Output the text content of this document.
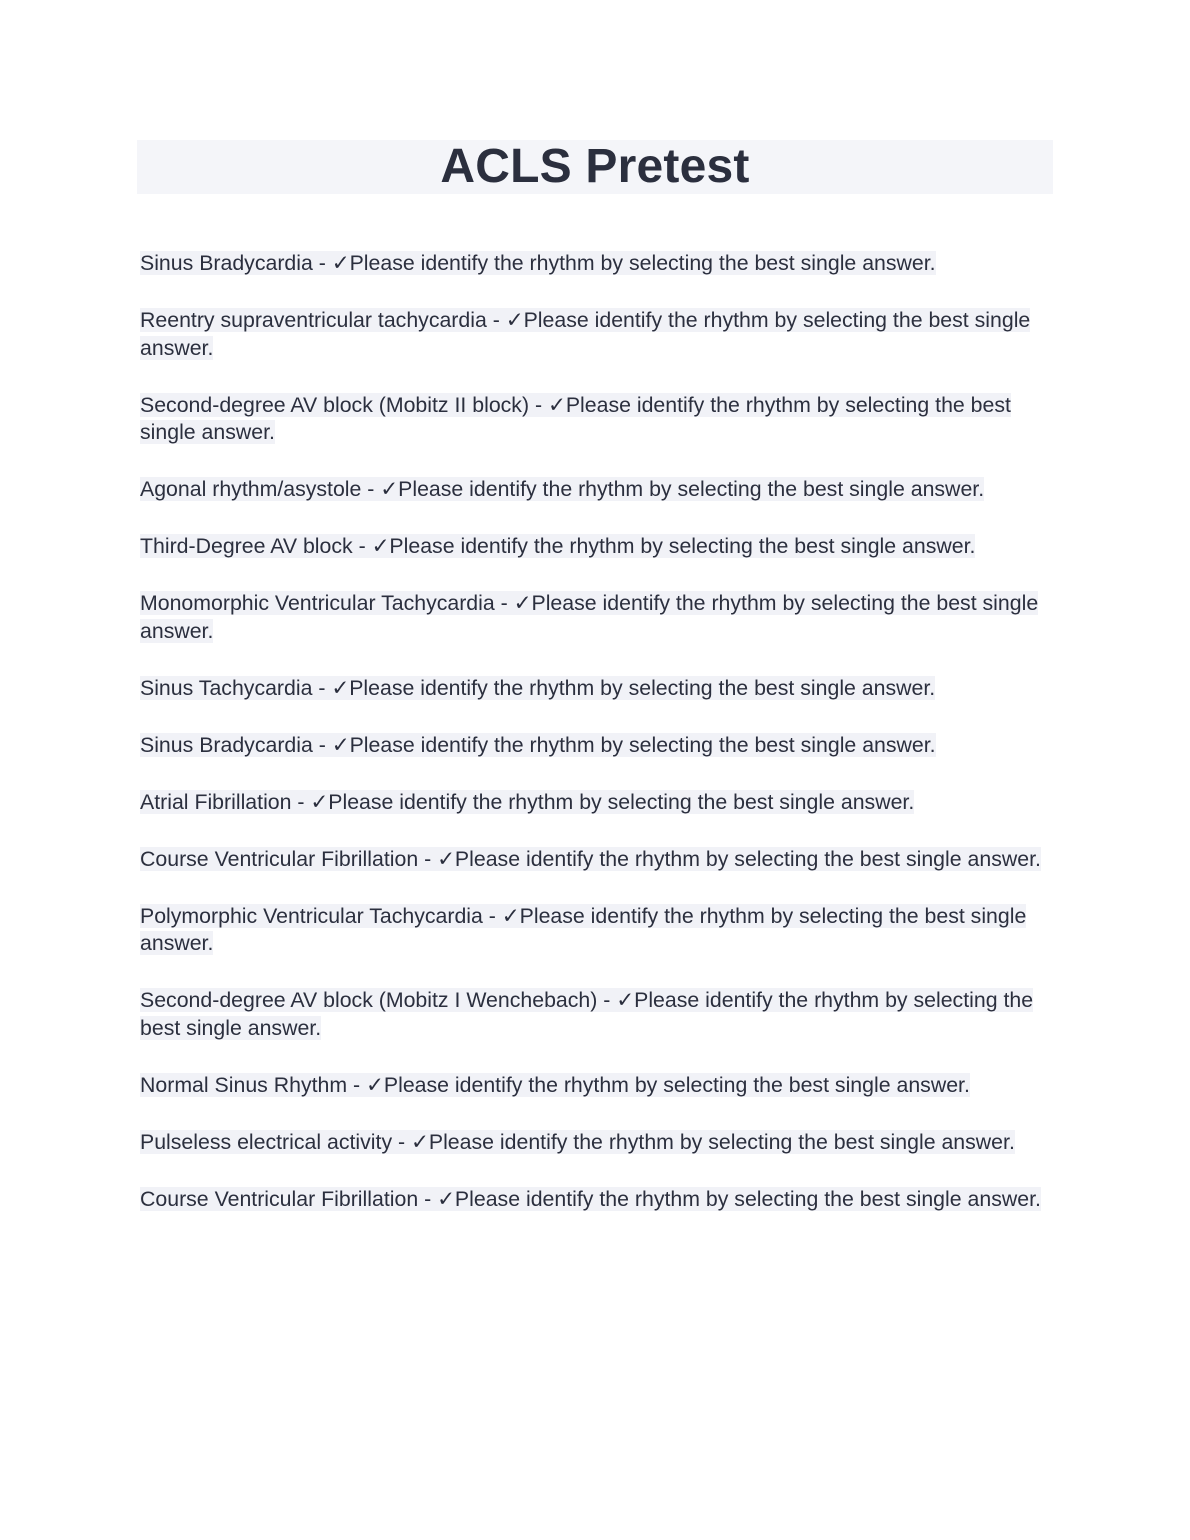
ACLS Pretest
Sinus Bradycardia - ✓Please identify the rhythm by selecting the best single answer.
Reentry supraventricular tachycardia - ✓Please identify the rhythm by selecting the best single answer.
Second-degree AV block (Mobitz II block) - ✓Please identify the rhythm by selecting the best single answer.
Agonal rhythm/asystole - ✓Please identify the rhythm by selecting the best single answer.
Third-Degree AV block - ✓Please identify the rhythm by selecting the best single answer.
Monomorphic Ventricular Tachycardia - ✓Please identify the rhythm by selecting the best single answer.
Sinus Tachycardia - ✓Please identify the rhythm by selecting the best single answer.
Sinus Bradycardia - ✓Please identify the rhythm by selecting the best single answer.
Atrial Fibrillation - ✓Please identify the rhythm by selecting the best single answer.
Course Ventricular Fibrillation - ✓Please identify the rhythm by selecting the best single answer.
Polymorphic Ventricular Tachycardia - ✓Please identify the rhythm by selecting the best single answer.
Second-degree AV block (Mobitz I Wenchebach) - ✓Please identify the rhythm by selecting the best single answer.
Normal Sinus Rhythm - ✓Please identify the rhythm by selecting the best single answer.
Pulseless electrical activity - ✓Please identify the rhythm by selecting the best single answer.
Course Ventricular Fibrillation - ✓Please identify the rhythm by selecting the best single answer.
